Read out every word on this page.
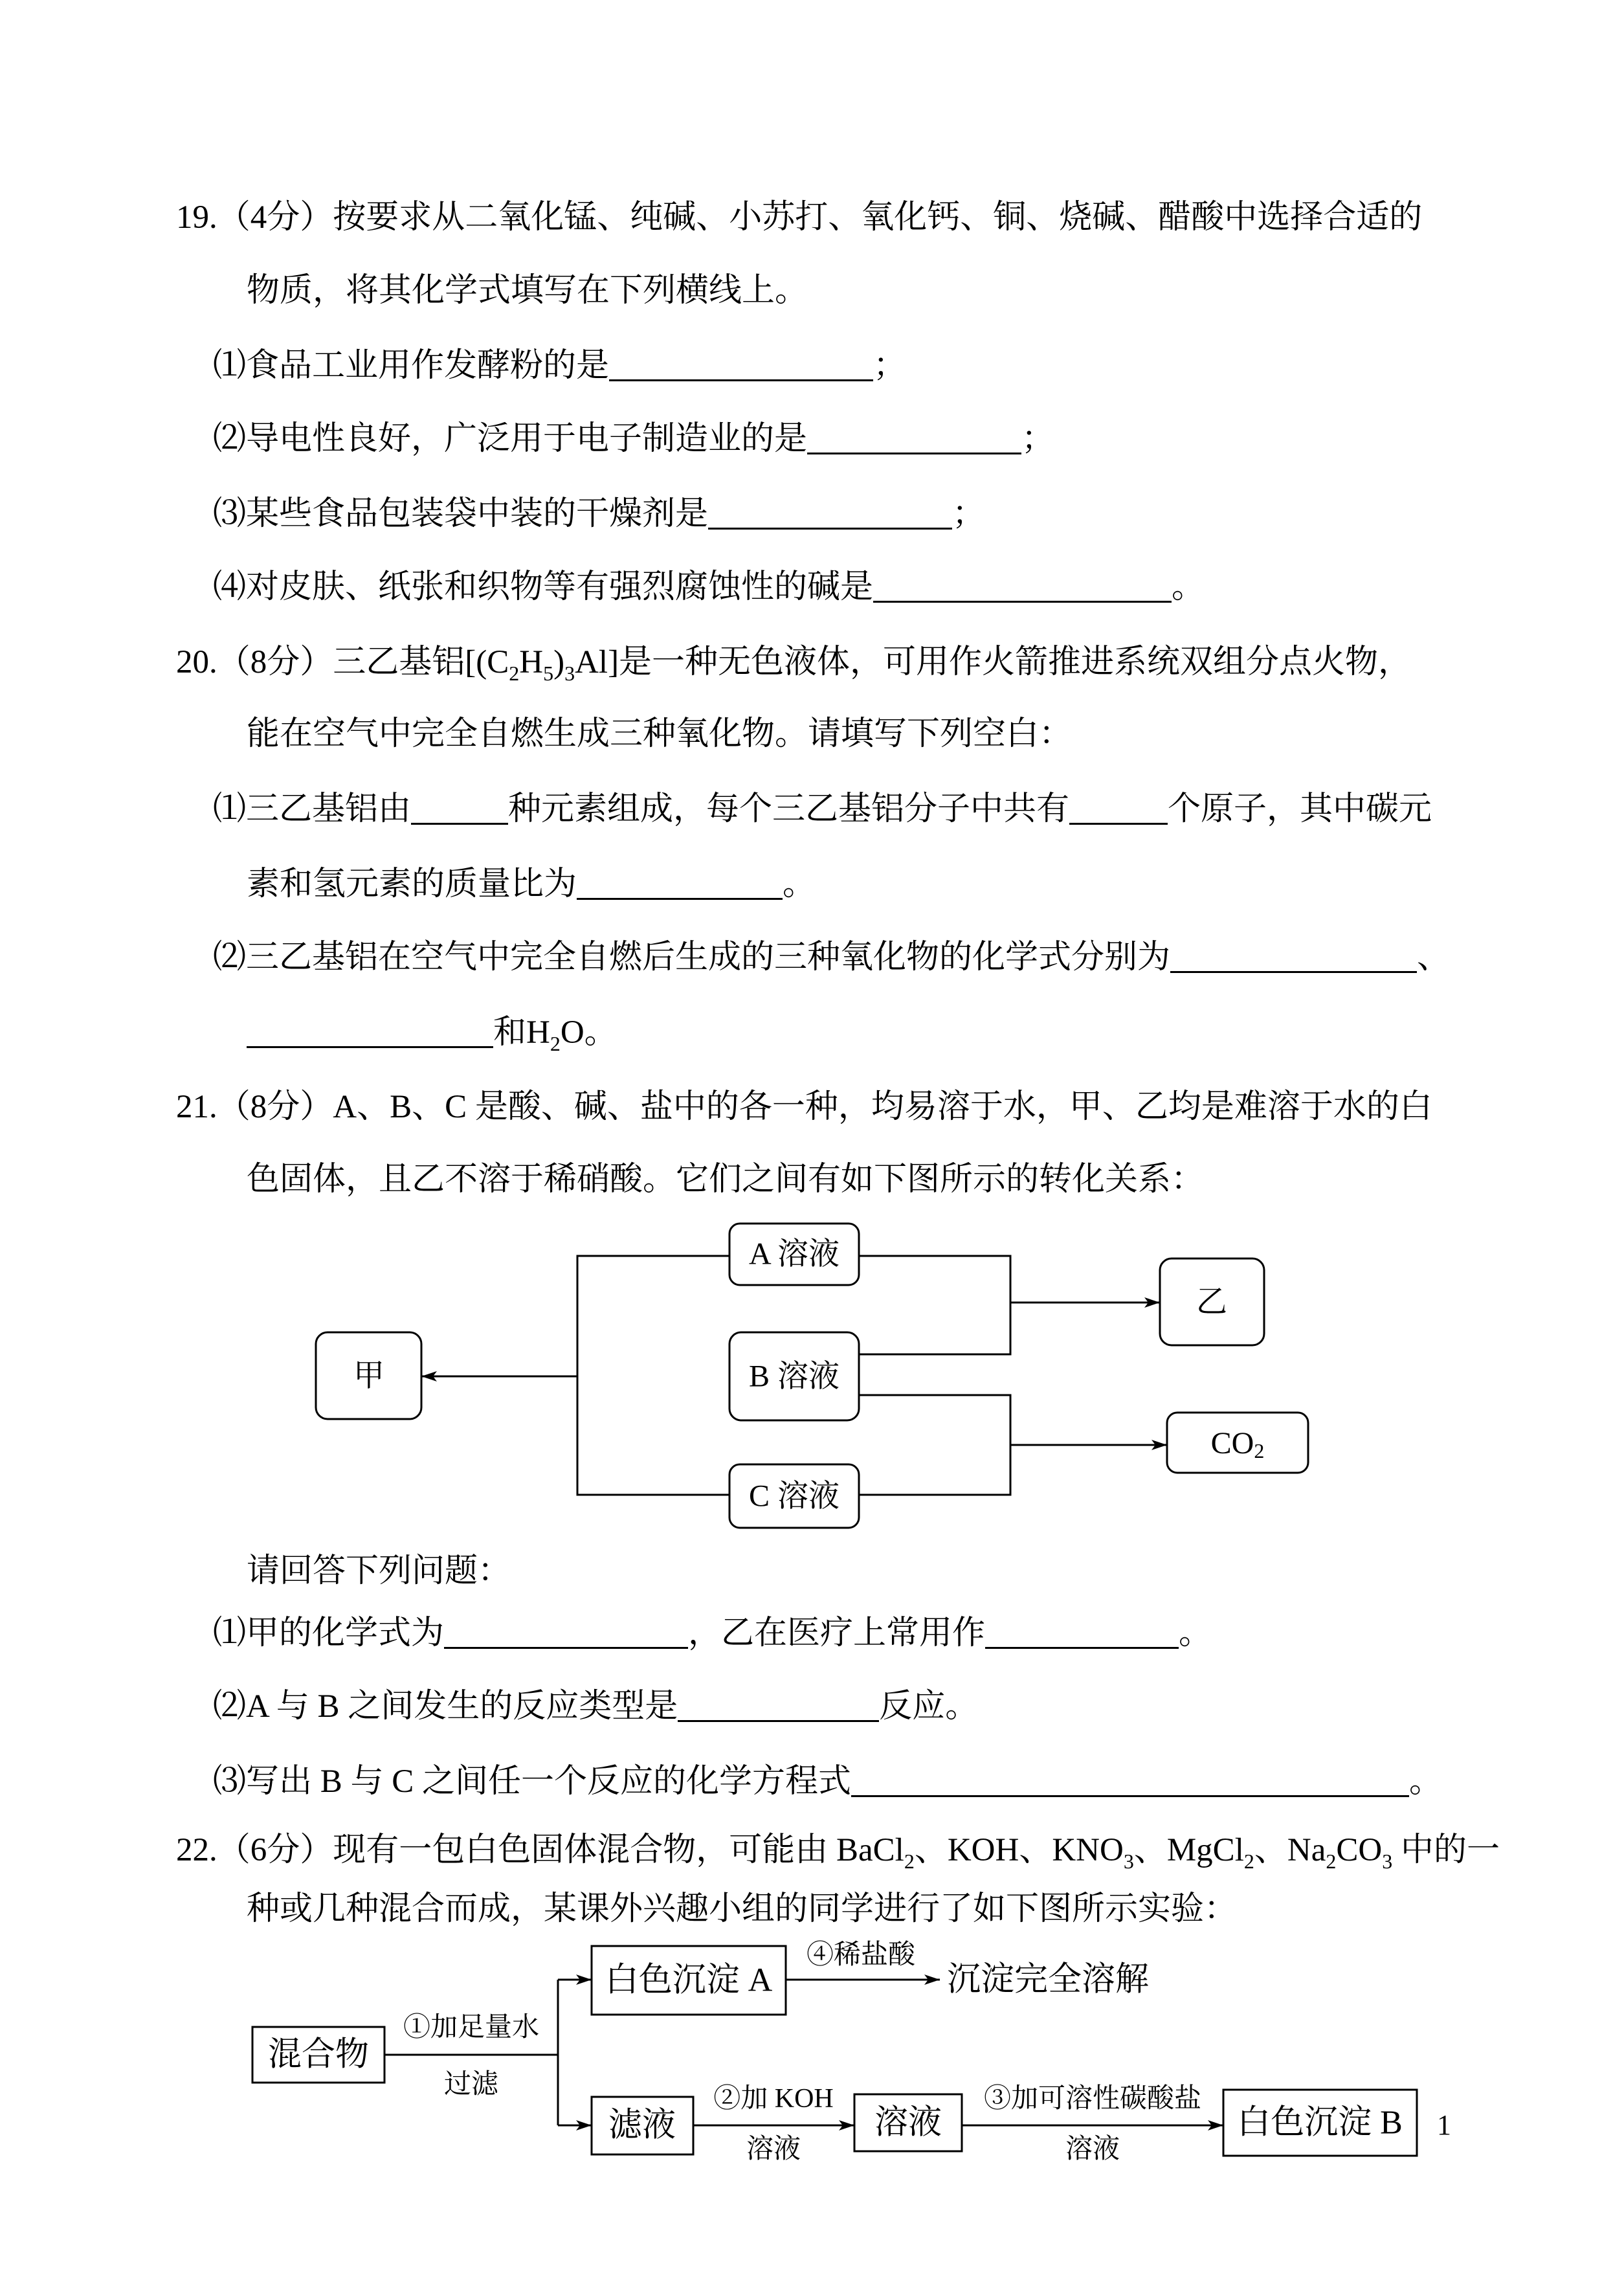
19.（4分）按要求从二氧化锰、纯碱、小苏打、氧化钙、铜、烧碱、醋酸中选择合适的
物质，将其化学式填写在下列横线上。
⑴食品工业用作发酵粉的是	；
⑵导电性良好，广泛用于电子制造业的是	；
⑶某些食品包装袋中装的干燥剂是	；
⑷对皮肤、纸张和织物等有强烈腐蚀性的碱是	。
20.（8分）三乙基铝$[(C_2H_5)_3Al]$是一种无色液体，可用作火箭推进系统双组分点火物，
能在空气中完全自燃生成三种氧化物。请填写下列空白：
⑴三乙基铝由	种元素组成，每个三乙基铝分子中共有	个原子，其中碳元
素和氢元素的质量比为	。
⑵三乙基铝在空气中完全自燃后生成的三种氧化物的化学式分别为	、
和$H_2O$。
21.（8分）A、B、C 是酸、碱、盐中的各一种，均易溶于水，甲、乙均是难溶于水的白
色固体，且乙不溶于稀硝酸。它们之间有如下图所示的转化关系：
A 溶液
B 溶液
C 溶液
甲
乙
$CO_2$
请回答下列问题：
⑴甲的化学式为	，乙在医疗上常用作	。
⑵A 与 B 之间发生的反应类型是	反应。
⑶写出 B 与 C 之间任一个反应的化学方程式	。
22.（6分）现有一包白色固体混合物，可能由 BaCl$_2$、KOH、$KNO_3$、MgCl$_2$、$Na_2CO_3$ 中的一
种或几种混合而成，某课外兴趣小组的同学进行了如下图所示实验：
混合物
①加足量水
过滤
白色沉淀 A
④稀盐酸
沉淀完全溶解
滤液
②加 KOH
溶液
溶液
③加可溶性碳酸盐
溶液
白色沉淀 B 1
